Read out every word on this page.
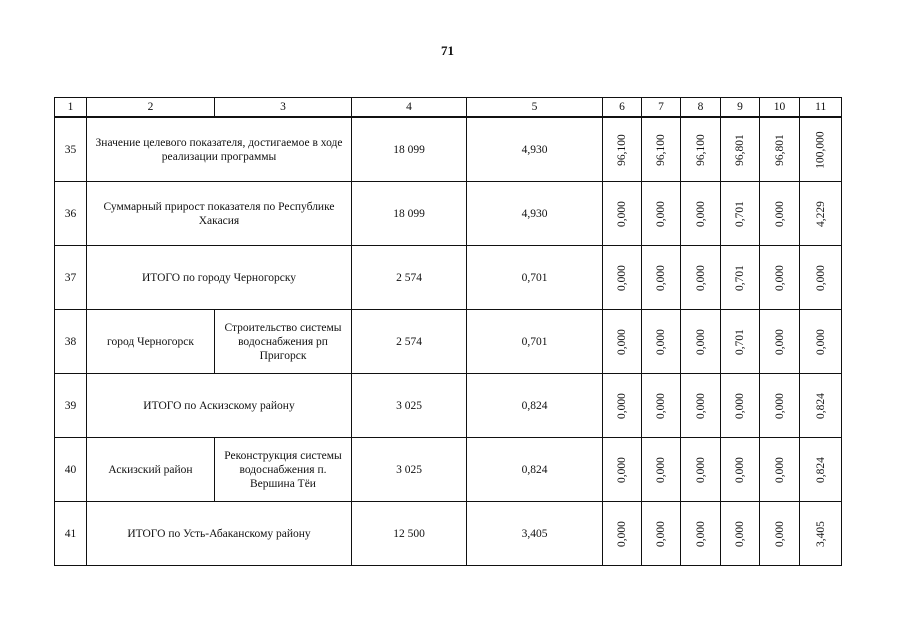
71
1	2	3	4	5	6	7	8	9	10	11
35	Значение целевого показателя, достигаемое в ходе реализации программы		18 099	4,930	96,100	96,100	96,100	96,801	96,801	100,000
36	Суммарный прирост показателя по Республике Хакасия		18 099	4,930	0,000	0,000	0,000	0,701	0,000	4,229
37	ИТОГО по городу Черногорску		2 574	0,701	0,000	0,000	0,000	0,701	0,000	0,000
38	город Черногорск	Строительство системы водоснабжения рп Пригорск	2 574	0,701	0,000	0,000	0,000	0,701	0,000	0,000
39	ИТОГО по Аскизскому району		3 025	0,824	0,000	0,000	0,000	0,000	0,000	0,824
40	Аскизский район	Реконструкция системы водоснабжения п. Вершина Тёи	3 025	0,824	0,000	0,000	0,000	0,000	0,000	0,824
41	ИТОГО по Усть-Абаканскому району		12 500	3,405	0,000	0,000	0,000	0,000	0,000	3,405
